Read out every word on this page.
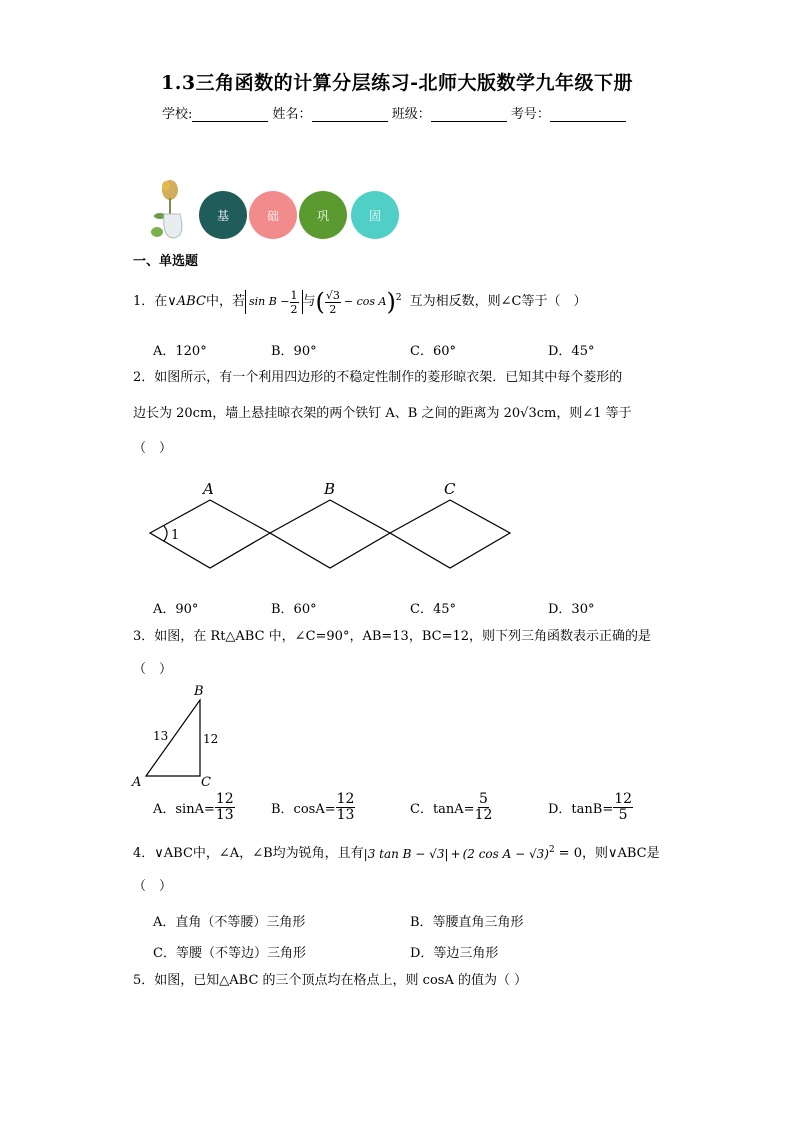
1.3三角函数的计算分层练习-北师大版数学九年级下册
学校:	姓名：	班级：	考号：
基	础	巩	固
一、单选题
1．在 ∨ABC 中，若 $\sin B - \frac{1}{2}$ 与 ( $\frac{√3}{2} - \cos A$ ) 2 互为相反数，则∠C等于（　）
A．120°	B．90°	C．60°	D．45°
2．如图所示，有一个利用四边形的不稳定性制作的菱形晾衣架．已知其中每个菱形的
边长为 20cm，墙上悬挂晾衣架的两个铁钉 A、B 之间的距离为 20√3cm，则∠1 等于
（　）
A	B	C
1
A．90°	B．60°	C．45°	D．30°
3．如图，在 Rt△ABC 中，∠C=90°，AB=13，BC=12，则下列三角函数表示正确的是
（　）
B
A	C
13	12
A．$\sin A= \frac{12}{13}$	B．$\cos A= \frac{12}{13}$	C．$\tan A= \frac{5}{12}$	D．$\tan B= \frac{12}{5}$
4．∨ABC中，∠A，∠B均为锐角，且有 |3 tan B − √3| + (2 cos A − √3) 2 = 0，则∨ABC是
（　）
A．直角（不等腰）三角形	B．等腰直角三角形
C．等腰（不等边）三角形	D．等边三角形
5．如图，已知△ABC 的三个顶点均在格点上，则 cosA 的值为（ ）
